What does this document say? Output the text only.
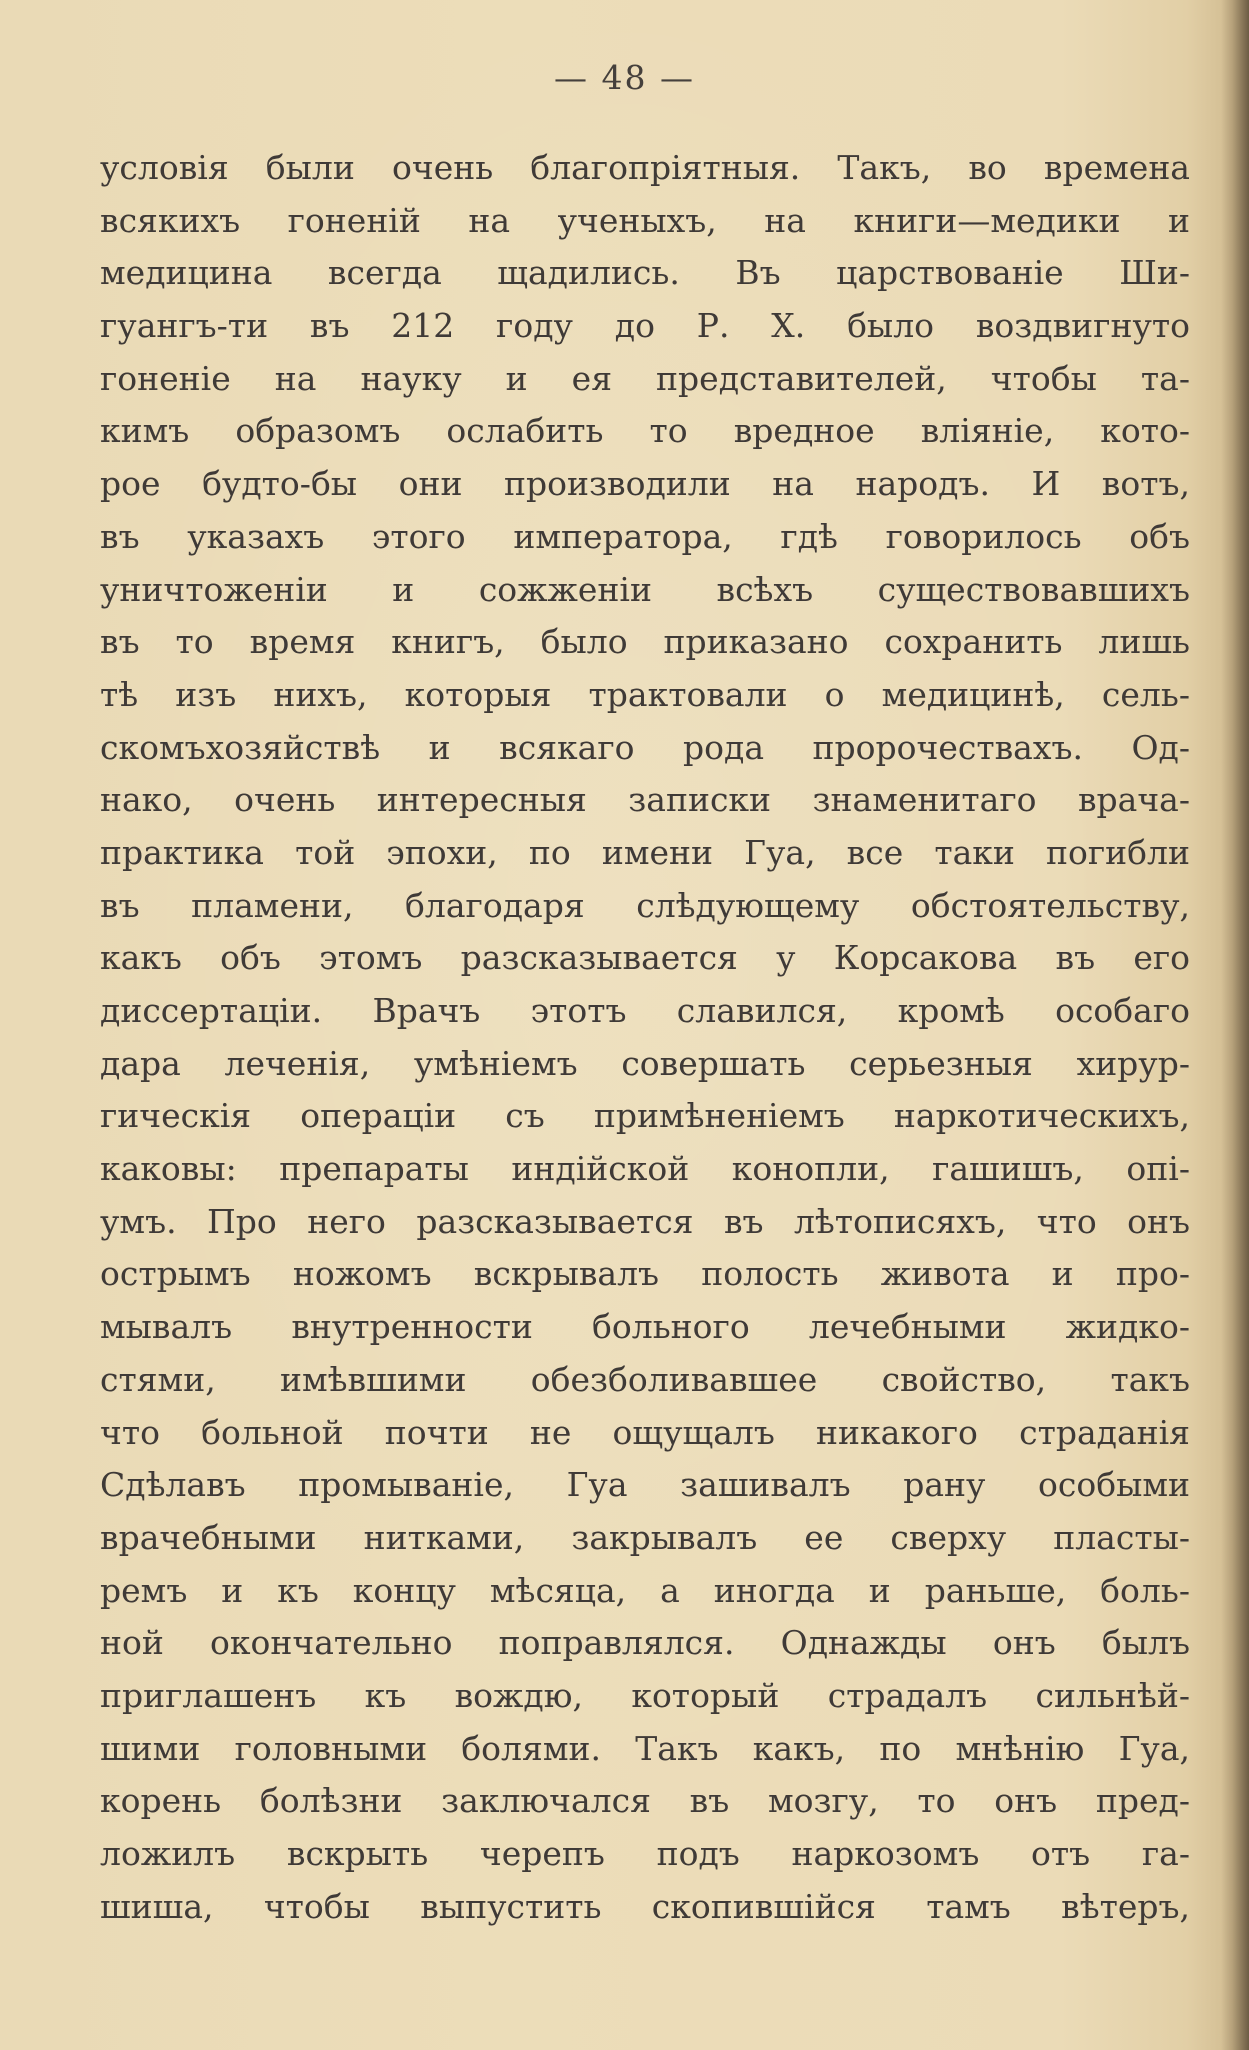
— 48 —
условія были очень благопріятныя. Такъ, во времена
всякихъ гоненій на ученыхъ, на книги—медики и
медицина всегда щадились. Въ царствованіе Ши-
гуангъ-ти въ 212 году до Р. Х. было воздвигнуто
гоненіе на науку и ея представителей, чтобы та-
кимъ образомъ ослабить то вредное вліяніе, кото-
рое будто-бы они производили на народъ. И вотъ,
въ указахъ этого императора, гдѣ говорилось объ
уничтоженіи и сожженіи всѣхъ существовавшихъ
въ то время книгъ, было приказано сохранить лишь
тѣ изъ нихъ, которыя трактовали о медицинѣ, сель-
скомъхозяйствѣ и всякаго рода пророчествахъ. Од-
нако, очень интересныя записки знаменитаго врача-
практика той эпохи, по имени Гуа, все таки погибли
въ пламени, благодаря слѣдующему обстоятельству,
какъ объ этомъ разсказывается у Корсакова въ его
диссертаціи. Врачъ этотъ славился, кромѣ особаго
дара леченія, умѣніемъ совершать серьезныя хирур-
гическія операціи съ примѣненіемъ наркотическихъ,
каковы: препараты индійской конопли, гашишъ, опі-
умъ. Про него разсказывается въ лѣтописяхъ, что онъ
острымъ ножомъ вскрывалъ полость живота и про-
мывалъ внутренности больного лечебными жидко-
стями, имѣвшими обезболивавшее свойство, такъ
что больной почти не ощущалъ никакого страданія
Сдѣлавъ промываніе, Гуа зашивалъ рану особыми
врачебными нитками, закрывалъ ее сверху пласты-
ремъ и къ концу мѣсяца, а иногда и раньше, боль-
ной окончательно поправлялся. Однажды онъ былъ
приглашенъ къ вождю, который страдалъ сильнѣй-
шими головными болями. Такъ какъ, по мнѣнію Гуа,
корень болѣзни заключался въ мозгу, то онъ пред-
ложилъ вскрыть черепъ подъ наркозомъ отъ га-
шиша, чтобы выпустить скопившійся тамъ вѣтеръ,
